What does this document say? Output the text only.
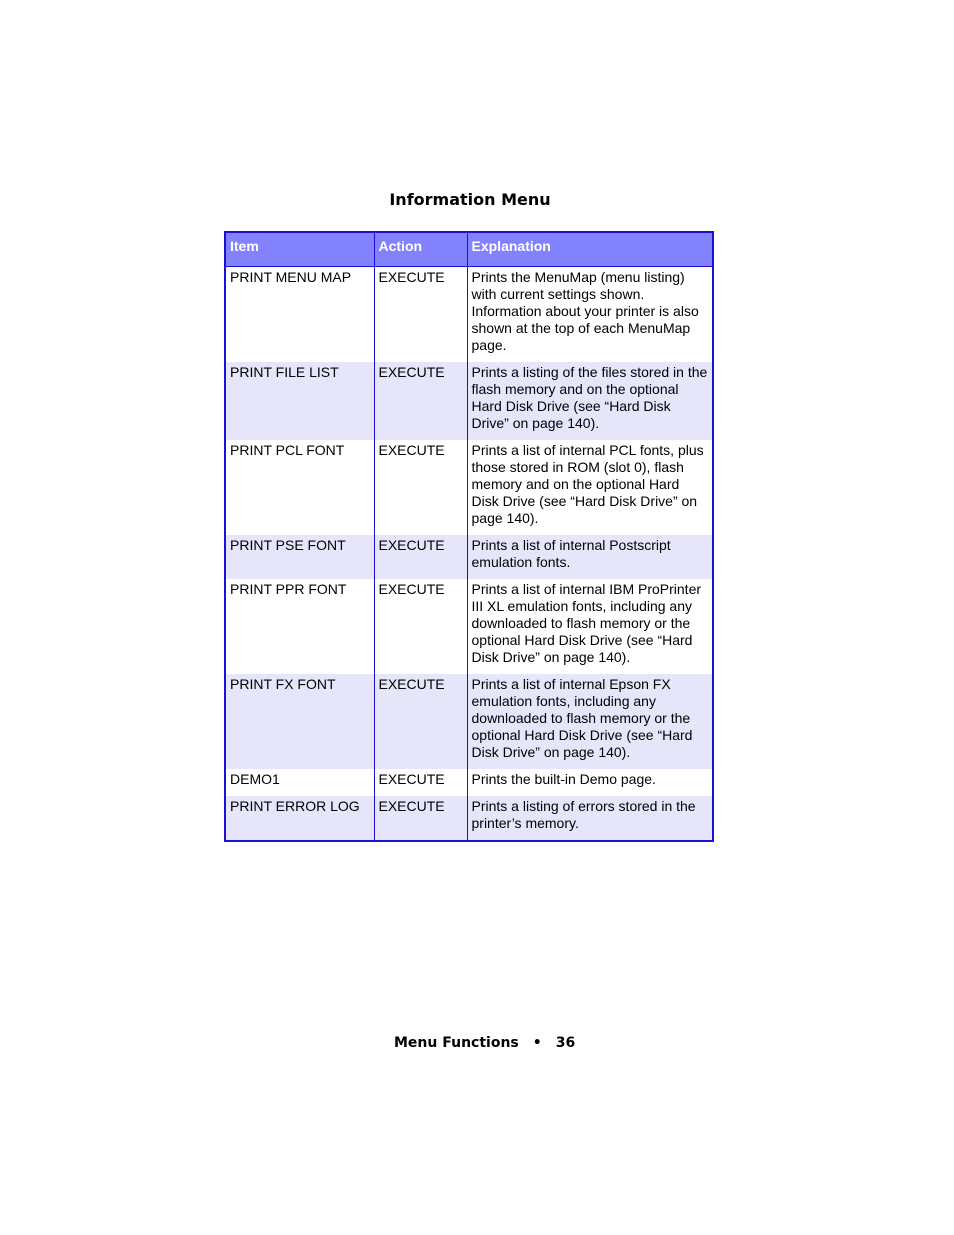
Information Menu
Item	Action	Explanation
PRINT MENU MAP	EXECUTE	Prints the MenuMap (menu listing) with current settings shown. Information about your printer is also shown at the top of each MenuMap page.
PRINT FILE LIST	EXECUTE	Prints a listing of the files stored in the flash memory and on the optional Hard Disk Drive (see “Hard Disk Drive” on page 140).
PRINT PCL FONT	EXECUTE	Prints a list of internal PCL fonts, plus those stored in ROM (slot 0), flash memory and on the optional Hard Disk Drive (see “Hard Disk Drive” on page 140).
PRINT PSE FONT	EXECUTE	Prints a list of internal Postscript emulation fonts.
PRINT PPR FONT	EXECUTE	Prints a list of internal IBM ProPrinter III XL emulation fonts, including any downloaded to flash memory or the optional Hard Disk Drive (see “Hard Disk Drive” on page 140).
PRINT FX FONT	EXECUTE	Prints a list of internal Epson FX emulation fonts, including any downloaded to flash memory or the optional Hard Disk Drive (see “Hard Disk Drive” on page 140).
DEMO1	EXECUTE	Prints the built-in Demo page.
PRINT ERROR LOG	EXECUTE	Prints a listing of errors stored in the printer’s memory.
Menu Functions • 36
